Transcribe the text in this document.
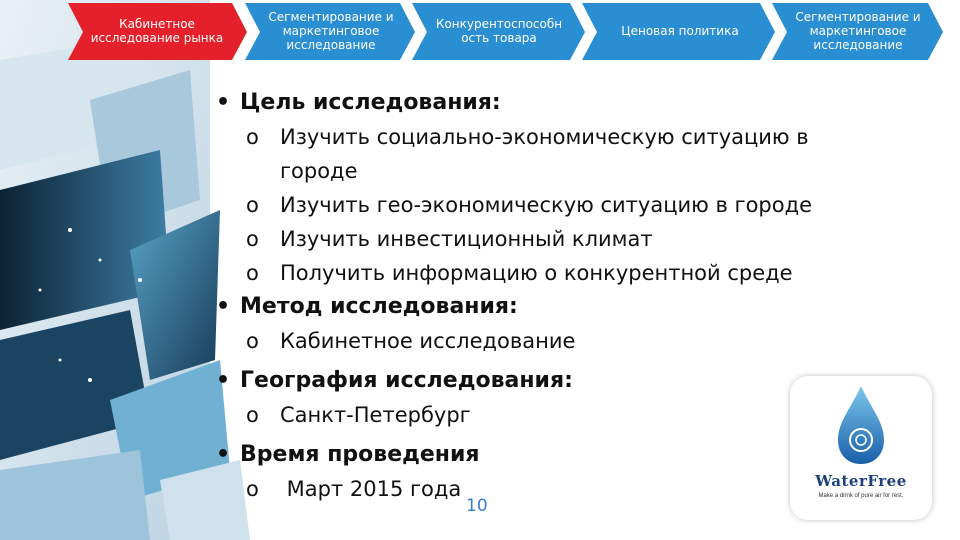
Кабинетное исследование рынка
Сегментирование и маркетинговое исследование
Конкурентоспособн ость товара	Ценовая политика
Сегментирование и маркетинговое исследование
• Цель исследования:
o Изучить социально-экономическую ситуацию в
городе
o Изучить гео-экономическую ситуацию в городе
o Изучить инвестиционный климат
o Получить информацию о конкурентной среде
• Метод исследования:
o Кабинетное исследование
• География исследования:
o Санкт-Петербург
• Время проведения
o Март 2015 года
10
WaterFree
Make a drink of pure air for rest.
